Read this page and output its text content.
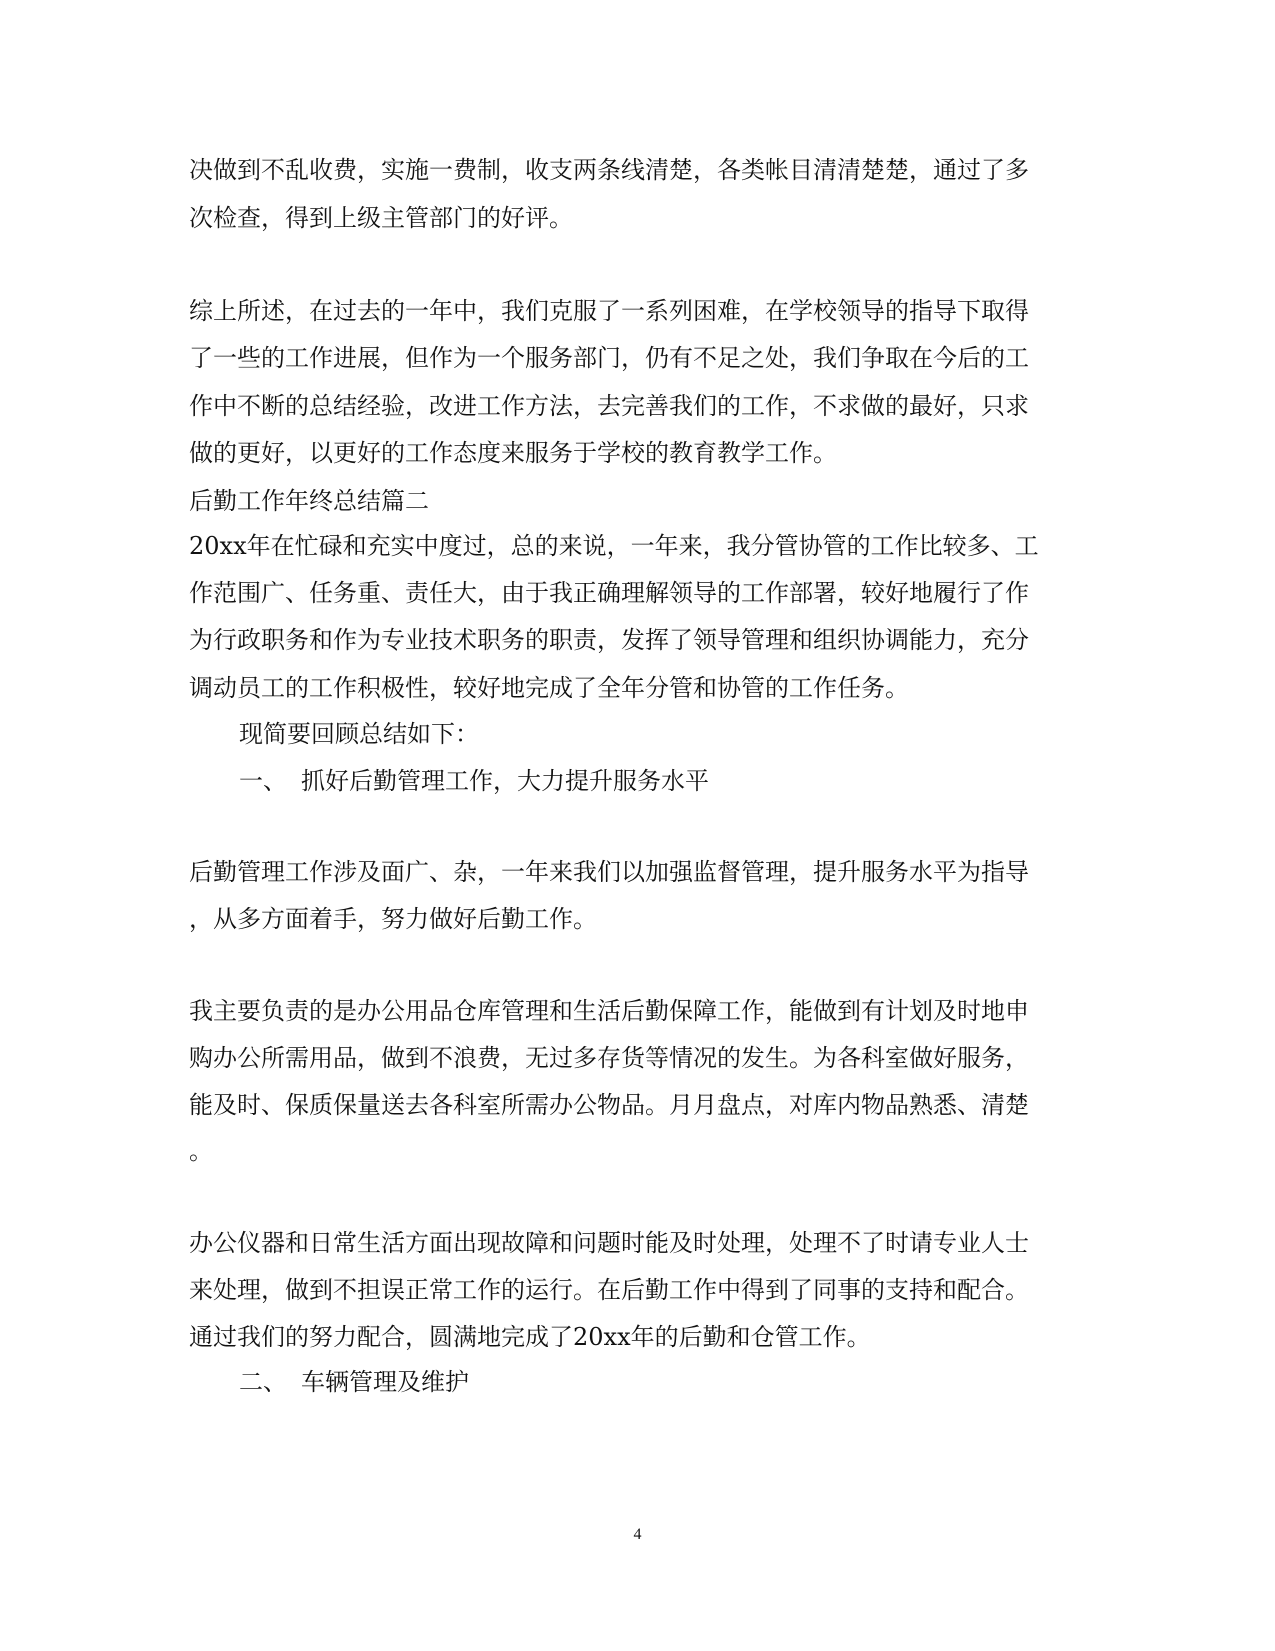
决做到不乱收费，实施一费制，收支两条线清楚，各类帐目清清楚楚，通过了多

次检查，得到上级主管部门的好评。

综上所述，在过去的一年中，我们克服了一系列困难，在学校领导的指导下取得

了一些的工作进展，但作为一个服务部门，仍有不足之处，我们争取在今后的工

作中不断的总结经验，改进工作方法，去完善我们的工作，不求做的最好，只求

做的更好，以更好的工作态度来服务于学校的教育教学工作。

后勤工作年终总结篇二

20xx年在忙碌和充实中度过，总的来说，一年来，我分管协管的工作比较多、工

作范围广、任务重、责任大，由于我正确理解领导的工作部署，较好地履行了作

为行政职务和作为专业技术职务的职责，发挥了领导管理和组织协调能力，充分

调动员工的工作积极性，较好地完成了全年分管和协管的工作任务。

现简要回顾总结如下：

一、 抓好后勤管理工作，大力提升服务水平

后勤管理工作涉及面广、杂，一年来我们以加强监督管理，提升服务水平为指导

，从多方面着手，努力做好后勤工作。

我主要负责的是办公用品仓库管理和生活后勤保障工作，能做到有计划及时地申

购办公所需用品，做到不浪费，无过多存货等情况的发生。为各科室做好服务，

能及时、保质保量送去各科室所需办公物品。月月盘点，对库内物品熟悉、清楚

。

办公仪器和日常生活方面出现故障和问题时能及时处理，处理不了时请专业人士

来处理，做到不担误正常工作的运行。在后勤工作中得到了同事的支持和配合。

通过我们的努力配合，圆满地完成了20xx年的后勤和仓管工作。

二、 车辆管理及维护

4
